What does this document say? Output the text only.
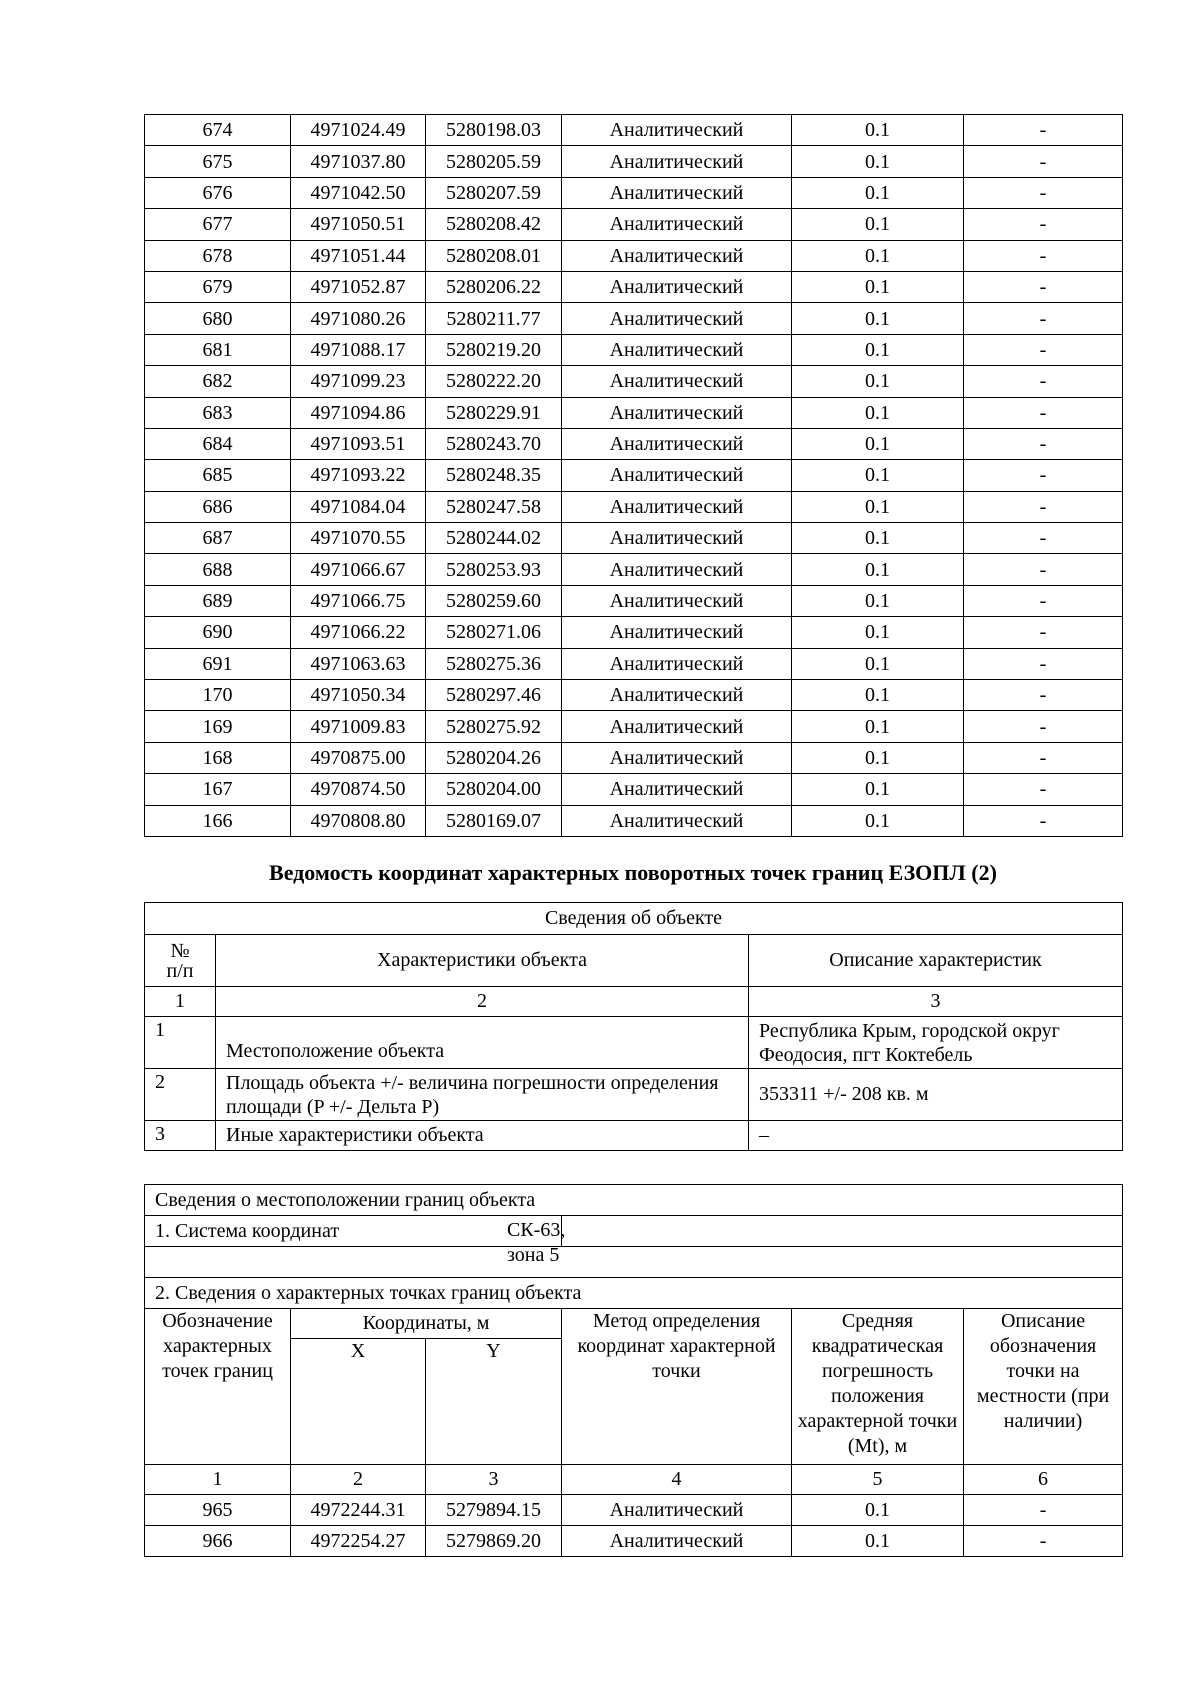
674	4971024.49	5280198.03	Аналитический	0.1	-
675	4971037.80	5280205.59	Аналитический	0.1	-
676	4971042.50	5280207.59	Аналитический	0.1	-
677	4971050.51	5280208.42	Аналитический	0.1	-
678	4971051.44	5280208.01	Аналитический	0.1	-
679	4971052.87	5280206.22	Аналитический	0.1	-
680	4971080.26	5280211.77	Аналитический	0.1	-
681	4971088.17	5280219.20	Аналитический	0.1	-
682	4971099.23	5280222.20	Аналитический	0.1	-
683	4971094.86	5280229.91	Аналитический	0.1	-
684	4971093.51	5280243.70	Аналитический	0.1	-
685	4971093.22	5280248.35	Аналитический	0.1	-
686	4971084.04	5280247.58	Аналитический	0.1	-
687	4971070.55	5280244.02	Аналитический	0.1	-
688	4971066.67	5280253.93	Аналитический	0.1	-
689	4971066.75	5280259.60	Аналитический	0.1	-
690	4971066.22	5280271.06	Аналитический	0.1	-
691	4971063.63	5280275.36	Аналитический	0.1	-
170	4971050.34	5280297.46	Аналитический	0.1	-
169	4971009.83	5280275.92	Аналитический	0.1	-
168	4970875.00	5280204.26	Аналитический	0.1	-
167	4970874.50	5280204.00	Аналитический	0.1	-
166	4970808.80	5280169.07	Аналитический	0.1	-
Ведомость координат характерных поворотных точек границ ЕЗОПЛ (2)
Сведения об объекте		
№
п/п	Характеристики объекта	Описание характеристик
1	2	3
1	Местоположение объекта	Республика Крым, городской округ Феодосия, пгт Коктебель
2	Площадь объекта +/- величина погрешности определения площади (P +/- Дельта P)	353311 +/- 208 кв. м
3	Иные характеристики объекта	–
Сведения о местоположении границ объекта					
1. Система координат СК-63, зона 5					

2. Сведения о характерных точках границ объекта					
Обозначение характерных точек границ	Координаты, м		Метод определения координат характерной точки	Средняя квадратическая погрешность положения характерной точки (Mt), м	Описание обозначения точки на местности (при наличии)
	X	Y			
1	2	3	4	5	6
965	4972244.31	5279894.15	Аналитический	0.1	-
966	4972254.27	5279869.20	Аналитический	0.1	-
